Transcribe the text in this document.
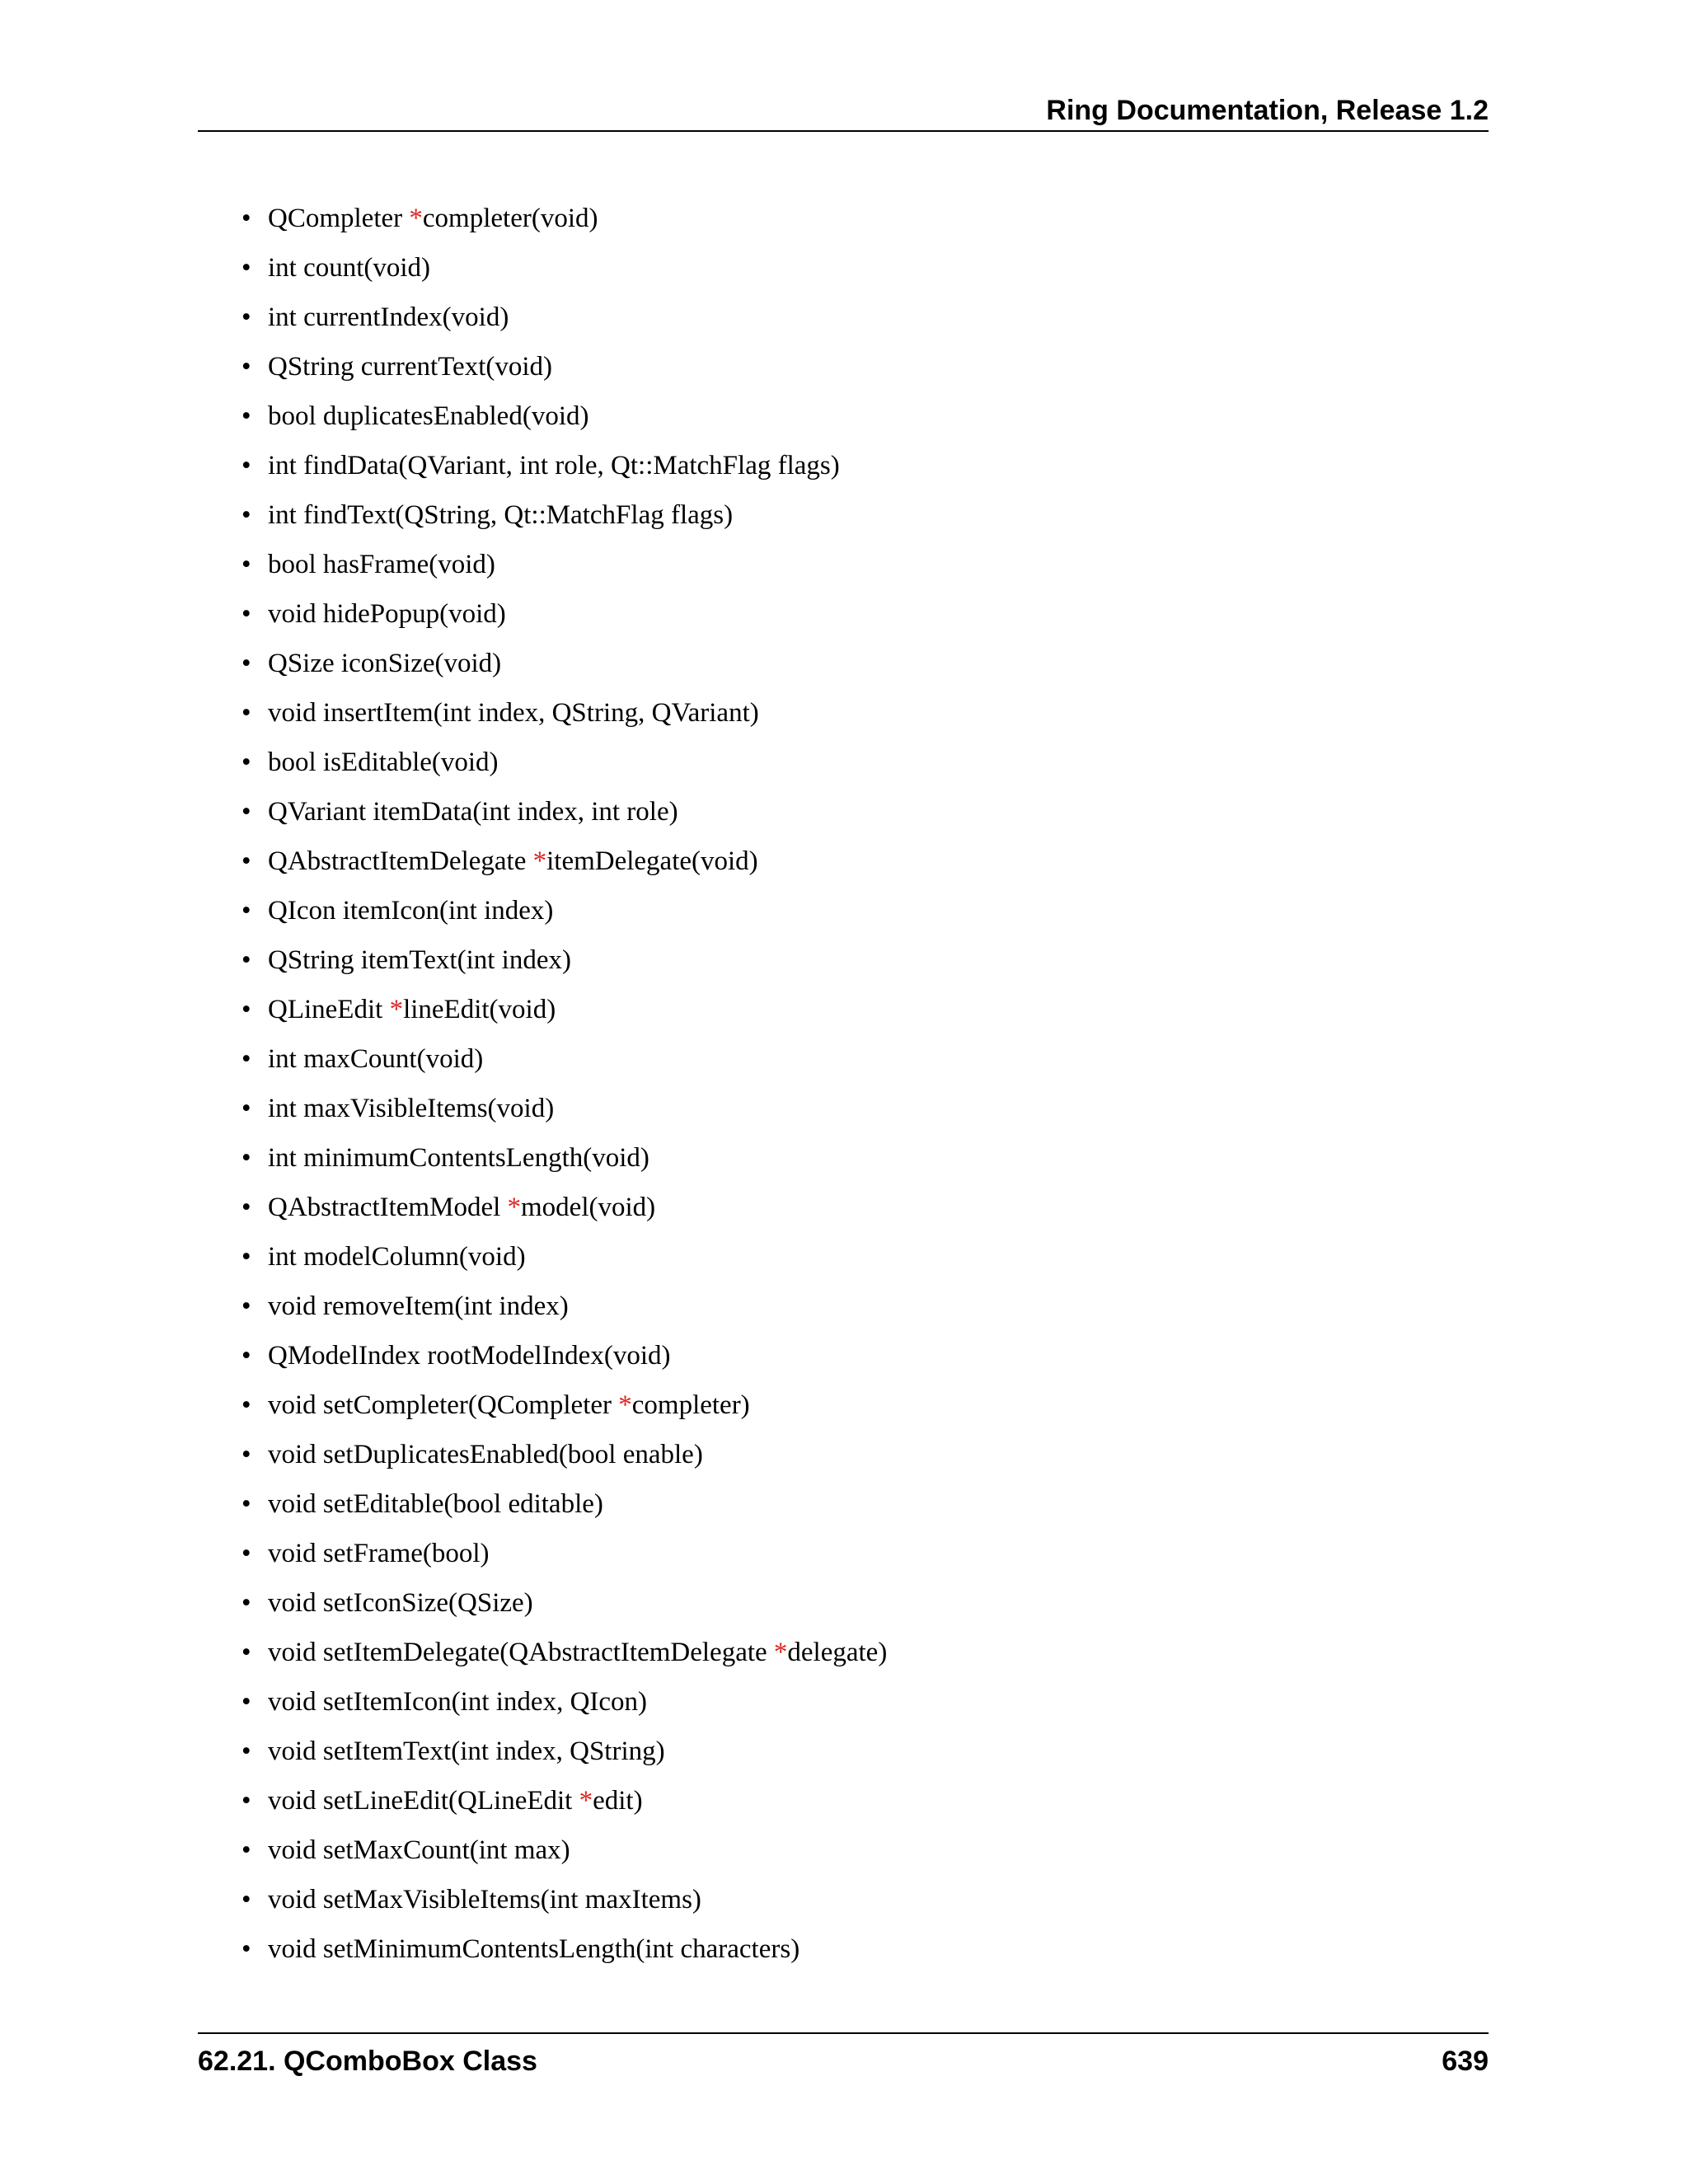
Ring Documentation, Release 1.2
• QCompleter *completer(void)
• int count(void)
• int currentIndex(void)
• QString currentText(void)
• bool duplicatesEnabled(void)
• int findData(QVariant, int role, Qt::MatchFlag flags)
• int findText(QString, Qt::MatchFlag flags)
• bool hasFrame(void)
• void hidePopup(void)
• QSize iconSize(void)
• void insertItem(int index, QString, QVariant)
• bool isEditable(void)
• QVariant itemData(int index, int role)
• QAbstractItemDelegate *itemDelegate(void)
• QIcon itemIcon(int index)
• QString itemText(int index)
• QLineEdit *lineEdit(void)
• int maxCount(void)
• int maxVisibleItems(void)
• int minimumContentsLength(void)
• QAbstractItemModel *model(void)
• int modelColumn(void)
• void removeItem(int index)
• QModelIndex rootModelIndex(void)
• void setCompleter(QCompleter *completer)
• void setDuplicatesEnabled(bool enable)
• void setEditable(bool editable)
• void setFrame(bool)
• void setIconSize(QSize)
• void setItemDelegate(QAbstractItemDelegate *delegate)
• void setItemIcon(int index, QIcon)
• void setItemText(int index, QString)
• void setLineEdit(QLineEdit *edit)
• void setMaxCount(int max)
• void setMaxVisibleItems(int maxItems)
• void setMinimumContentsLength(int characters)
62.21. QComboBox Class	639
